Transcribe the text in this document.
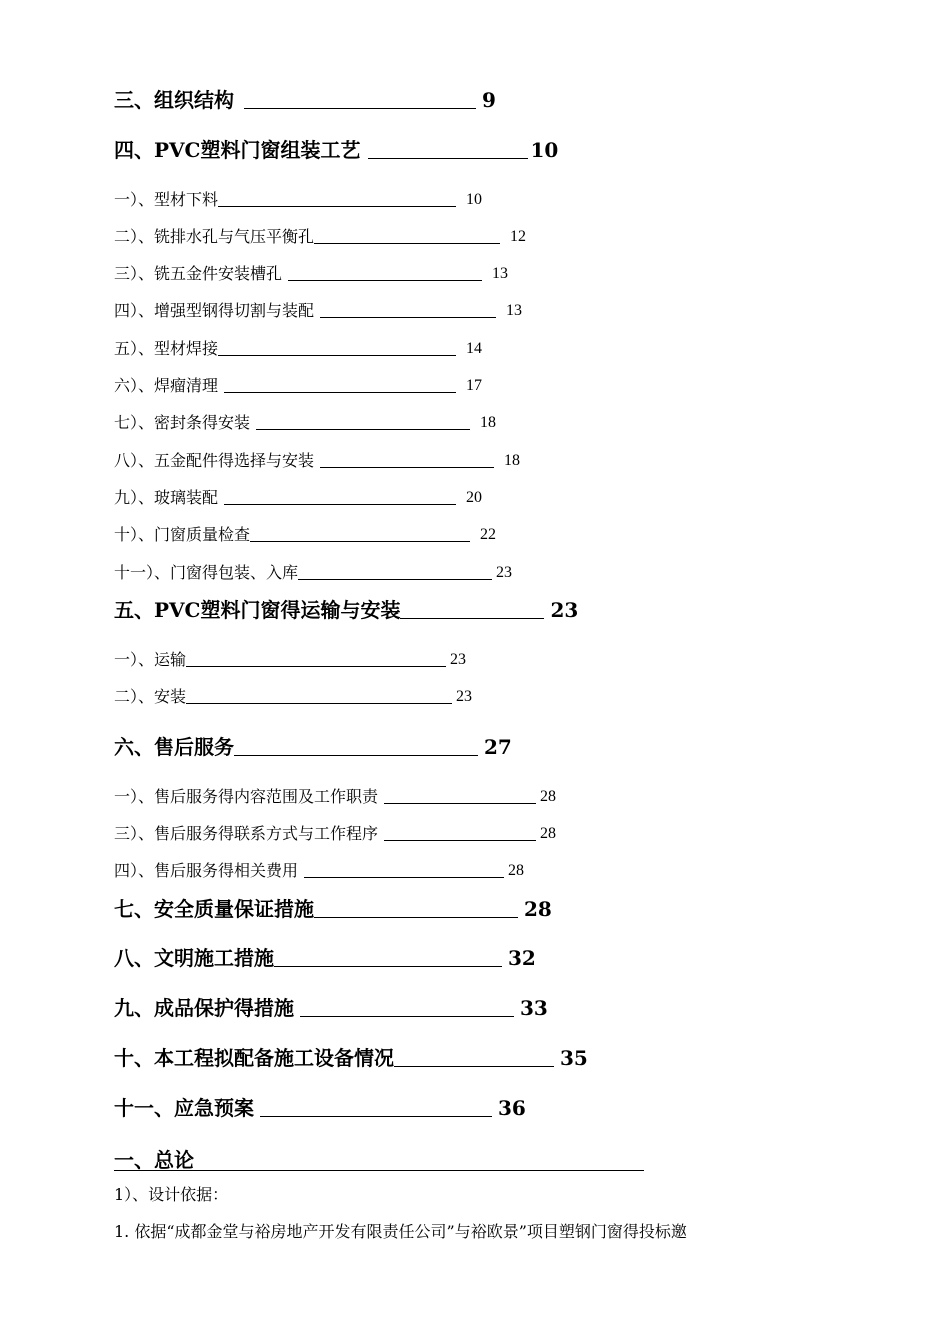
三、组织结构	9
四、PVC塑料门窗组装工艺	10
一）、型材下料	10
二）、铣排水孔与气压平衡孔	12
三）、铣五金件安装槽孔	13
四）、增强型钢得切割与装配	13
五）、型材焊接	14
六）、焊瘤清理	17
七）、密封条得安装	18
八）、五金配件得选择与安装	18
九）、玻璃装配	20
十）、门窗质量检查	22
十一）、门窗得包装、入库	23
五、PVC塑料门窗得运输与安装	23
一）、运输	23
二）、安装	23
六、售后服务	27
一）、售后服务得内容范围及工作职责	28
三）、售后服务得联系方式与工作程序	28
四）、售后服务得相关费用	28
七、安全质量保证措施	28
八、文明施工措施	32
九、成品保护得措施	33
十、本工程拟配备施工设备情况	35
十一、应急预案	36
一、总论
1）、设计依据：
1. 依据“成都金堂与裕房地产开发有限责任公司”与裕欧景”项目塑钢门窗得投标邀
